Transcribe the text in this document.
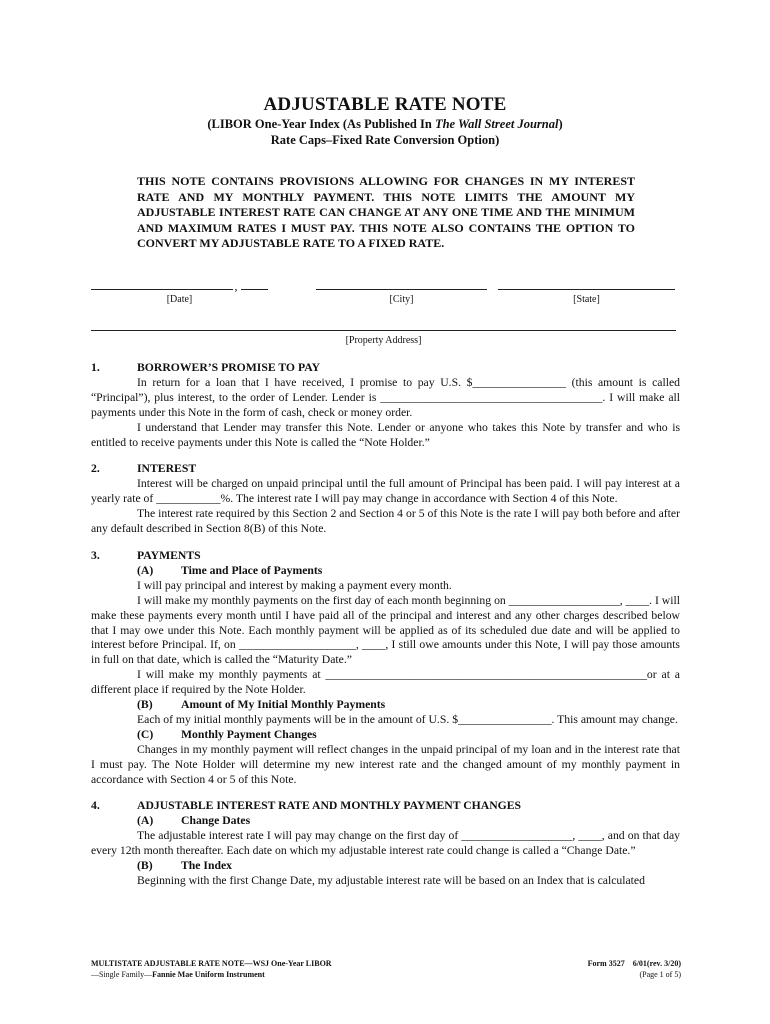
ADJUSTABLE RATE NOTE
(LIBOR One-Year Index (As Published In The Wall Street Journal)
Rate Caps–Fixed Rate Conversion Option)
THIS NOTE CONTAINS PROVISIONS ALLOWING FOR CHANGES IN MY INTEREST RATE AND MY MONTHLY PAYMENT. THIS NOTE LIMITS THE AMOUNT MY ADJUSTABLE INTEREST RATE CAN CHANGE AT ANY ONE TIME AND THE MINIMUM AND MAXIMUM RATES I MUST PAY. THIS NOTE ALSO CONTAINS THE OPTION TO CONVERT MY ADJUSTABLE RATE TO A FIXED RATE.
,
[Date]	[City]	[State]
[Property Address]
1.	BORROWER’S PROMISE TO PAY

In return for a loan that I have received, I promise to pay U.S. $________________ (this amount is called “Principal”), plus interest, to the order of Lender. Lender is ______________________________________. I will make all payments under this Note in the form of cash, check or money order.

I understand that Lender may transfer this Note. Lender or anyone who takes this Note by transfer and who is entitled to receive payments under this Note is called the “Note Holder.”

2.	INTEREST

Interest will be charged on unpaid principal until the full amount of Principal has been paid. I will pay interest at a yearly rate of ___________%. The interest rate I will pay may change in accordance with Section 4 of this Note.

The interest rate required by this Section 2 and Section 4 or 5 of this Note is the rate I will pay both before and after any default described in Section 8(B) of this Note.

3.	PAYMENTS
(A) Time and Place of Payments

I will pay principal and interest by making a payment every month.

I will make my monthly payments on the first day of each month beginning on ___________________, ____. I will make these payments every month until I have paid all of the principal and interest and any other charges described below that I may owe under this Note. Each monthly payment will be applied as of its scheduled due date and will be applied to interest before Principal. If, on ____________________, ____, I still owe amounts under this Note, I will pay those amounts in full on that date, which is called the “Maturity Date.”

I will make my monthly payments at _______________________________________________________or at a different place if required by the Note Holder.

(B) Amount of My Initial Monthly Payments

Each of my initial monthly payments will be in the amount of U.S. $________________. This amount may change.

(C) Monthly Payment Changes

Changes in my monthly payment will reflect changes in the unpaid principal of my loan and in the interest rate that I must pay. The Note Holder will determine my new interest rate and the changed amount of my monthly payment in accordance with Section 4 or 5 of this Note.

4.	ADJUSTABLE INTEREST RATE AND MONTHLY PAYMENT CHANGES
(A) Change Dates

The adjustable interest rate I will pay may change on the first day of ___________________, ____, and on that day every 12th month thereafter. Each date on which my adjustable interest rate could change is called a “Change Date.”

(B) The Index

Beginning with the first Change Date, my adjustable interest rate will be based on an Index that is calculated

MULTISTATE ADJUSTABLE RATE NOTE—WSJ One-Year LIBOR
—Single Family—Fannie Mae Uniform Instrument
Form 3527    6/01(rev. 3/20)
(Page 1 of 5)
